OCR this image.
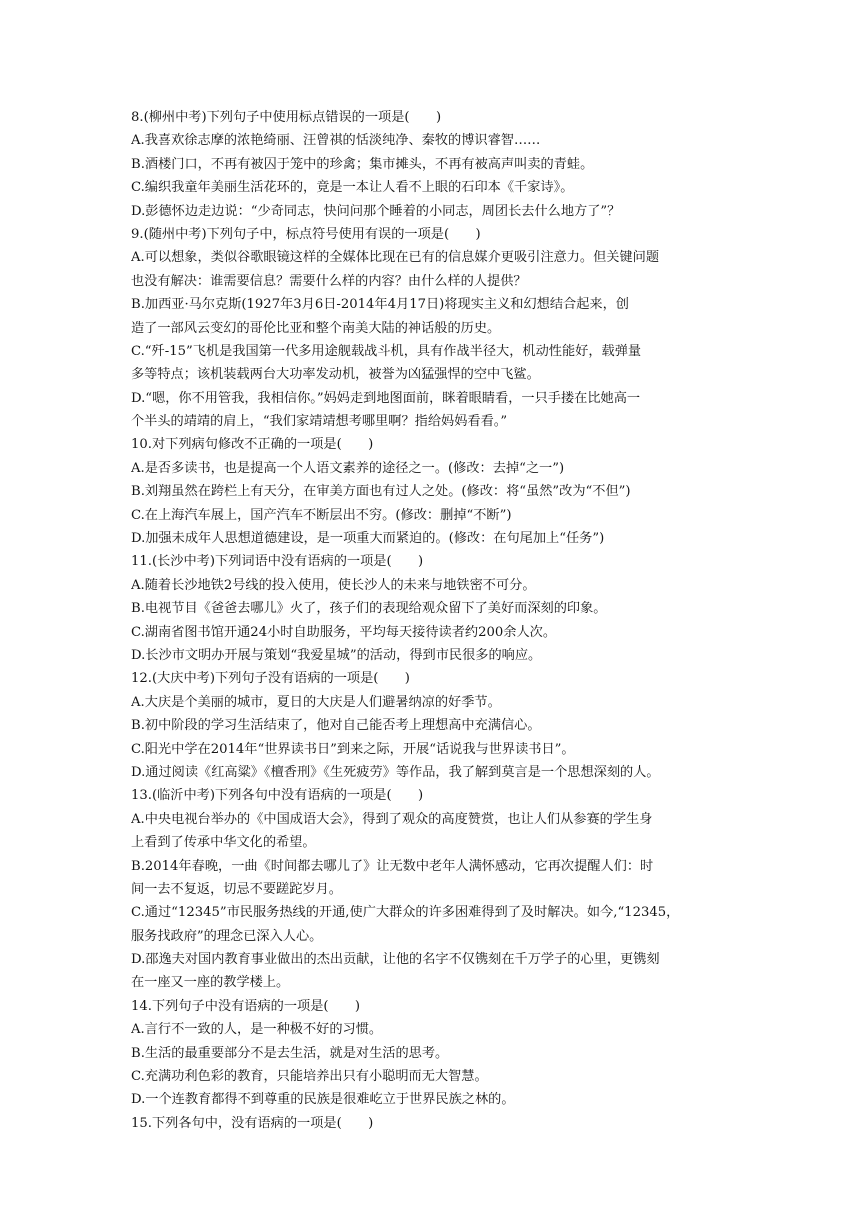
8.(柳州中考)下列句子中使用标点错误的一项是(　　)
A.我喜欢徐志摩的浓艳绮丽、汪曾祺的恬淡纯净、秦牧的博识睿智……
B.酒楼门口，不再有被囚于笼中的珍禽；集市摊头，不再有被高声叫卖的青蛙。
C.编织我童年美丽生活花环的，竟是一本让人看不上眼的石印本《千家诗》。
D.彭德怀边走边说：“少奇同志，快问问那个睡着的小同志，周团长去什么地方了”？
9.(随州中考)下列句子中，标点符号使用有误的一项是(　　)
A.可以想象，类似谷歌眼镜这样的全媒体比现在已有的信息媒介更吸引注意力。但关键问题
也没有解决：谁需要信息？需要什么样的内容？由什么样的人提供？
B.加西亚·马尔克斯(1927年3月6日-2014年4月17日)将现实主义和幻想结合起来，创
造了一部风云变幻的哥伦比亚和整个南美大陆的神话般的历史。
C.“歼-15”飞机是我国第一代多用途舰载战斗机，具有作战半径大，机动性能好，载弹量
多等特点；该机装载两台大功率发动机，被誉为凶猛强悍的空中飞鲨。
D.“嗯，你不用管我，我相信你。”妈妈走到地图面前，眯着眼睛看，一只手搂在比她高一
个半头的靖靖的肩上，“我们家靖靖想考哪里啊？指给妈妈看看。”
10.对下列病句修改不正确的一项是(　　)
A.是否多读书，也是提高一个人语文素养的途径之一。(修改：去掉“之一”)
B.刘翔虽然在跨栏上有天分，在审美方面也有过人之处。(修改：将“虽然”改为“不但”)
C.在上海汽车展上，国产汽车不断层出不穷。(修改：删掉“不断”)
D.加强未成年人思想道德建设，是一项重大而紧迫的。(修改：在句尾加上“任务”)
11.(长沙中考)下列词语中没有语病的一项是(　　)
A.随着长沙地铁2号线的投入使用，使长沙人的未来与地铁密不可分。
B.电视节目《爸爸去哪儿》火了，孩子们的表现给观众留下了美好而深刻的印象。
C.湖南省图书馆开通24小时自助服务，平均每天接待读者约200余人次。
D.长沙市文明办开展与策划“我爱星城”的活动，得到市民很多的响应。
12.(大庆中考)下列句子没有语病的一项是(　　)
A.大庆是个美丽的城市，夏日的大庆是人们避暑纳凉的好季节。
B.初中阶段的学习生活结束了，他对自己能否考上理想高中充满信心。
C.阳光中学在2014年“世界读书日”到来之际，开展“话说我与世界读书日”。
D.通过阅读《红高粱》《檀香刑》《生死疲劳》等作品，我了解到莫言是一个思想深刻的人。
13.(临沂中考)下列各句中没有语病的一项是(　　)
A.中央电视台举办的《中国成语大会》，得到了观众的高度赞赏，也让人们从参赛的学生身
上看到了传承中华文化的希望。
B.2014年春晚，一曲《时间都去哪儿了》让无数中老年人满怀感动，它再次提醒人们：时
间一去不复返，切忌不要蹉跎岁月。
C.通过“12345”市民服务热线的开通,使广大群众的许多困难得到了及时解决。如今,“12345，
服务找政府”的理念已深入人心。
D.邵逸夫对国内教育事业做出的杰出贡献，让他的名字不仅镌刻在千万学子的心里，更镌刻
在一座又一座的教学楼上。
14.下列句子中没有语病的一项是(　　)
A.言行不一致的人，是一种极不好的习惯。
B.生活的最重要部分不是去生活，就是对生活的思考。
C.充满功利色彩的教育，只能培养出只有小聪明而无大智慧。
D.一个连教育都得不到尊重的民族是很难屹立于世界民族之林的。
15.下列各句中，没有语病的一项是(　　)
